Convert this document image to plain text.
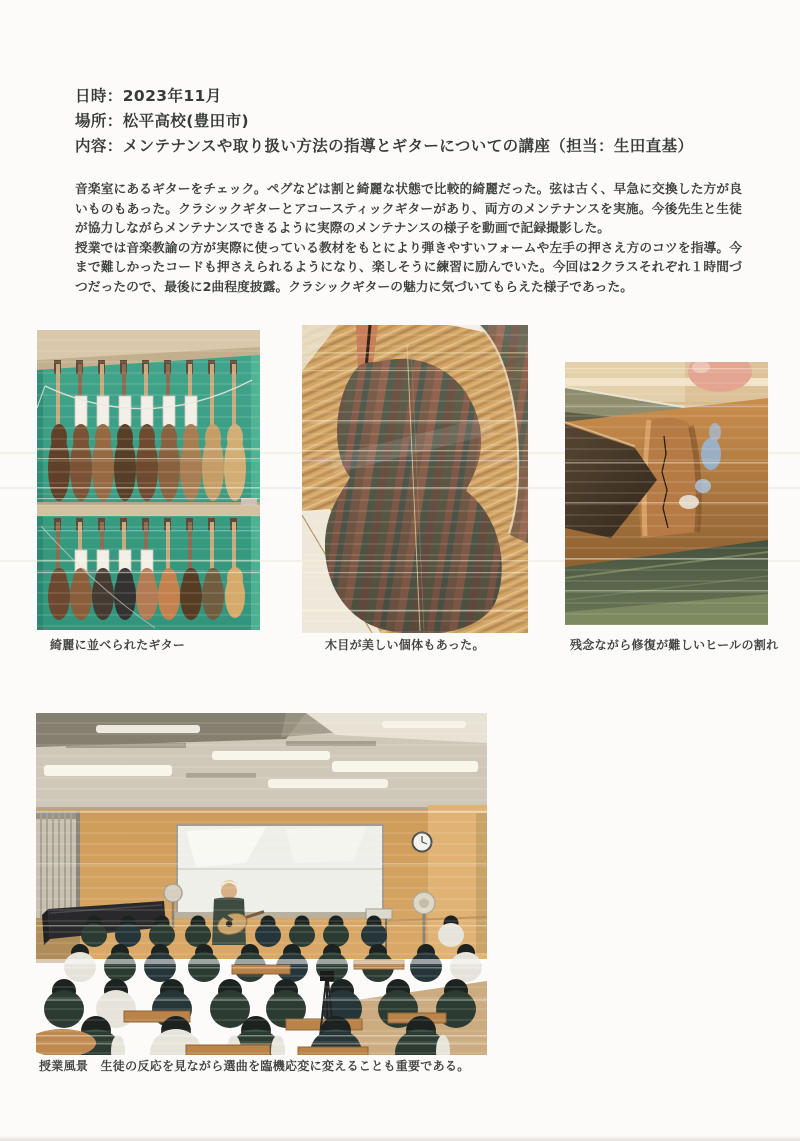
日時：2023年11月
場所：松平高校(豊田市)
内容：メンテナンスや取り扱い方法の指導とギターについての講座（担当：生田直基）

音楽室にあるギターをチェック。ペグなどは割と綺麗な状態で比較的綺麗だった。弦は古く、早急に交換した方が良いものもあった。クラシックギターとアコースティックギターがあり、両方のメンテナンスを実施。今後先生と生徒が協力しながらメンテナンスできるように実際のメンテナンスの様子を動画で記録撮影した。

授業では音楽教諭の方が実際に使っている教材をもとにより弾きやすいフォームや左手の押さえ方のコツを指導。今まで難しかったコードも押さえられるようになり、楽しそうに練習に励んでいた。今回は2クラスそれぞれ１時間づつだったので、最後に2曲程度披露。クラシックギターの魅力に気づいてもらえた様子であった。

綺麗に並べられたギター	木目が美しい個体もあった。	残念ながら修復が難しいヒールの割れ
授業風景　生徒の反応を見ながら選曲を臨機応変に変えることも重要である。
